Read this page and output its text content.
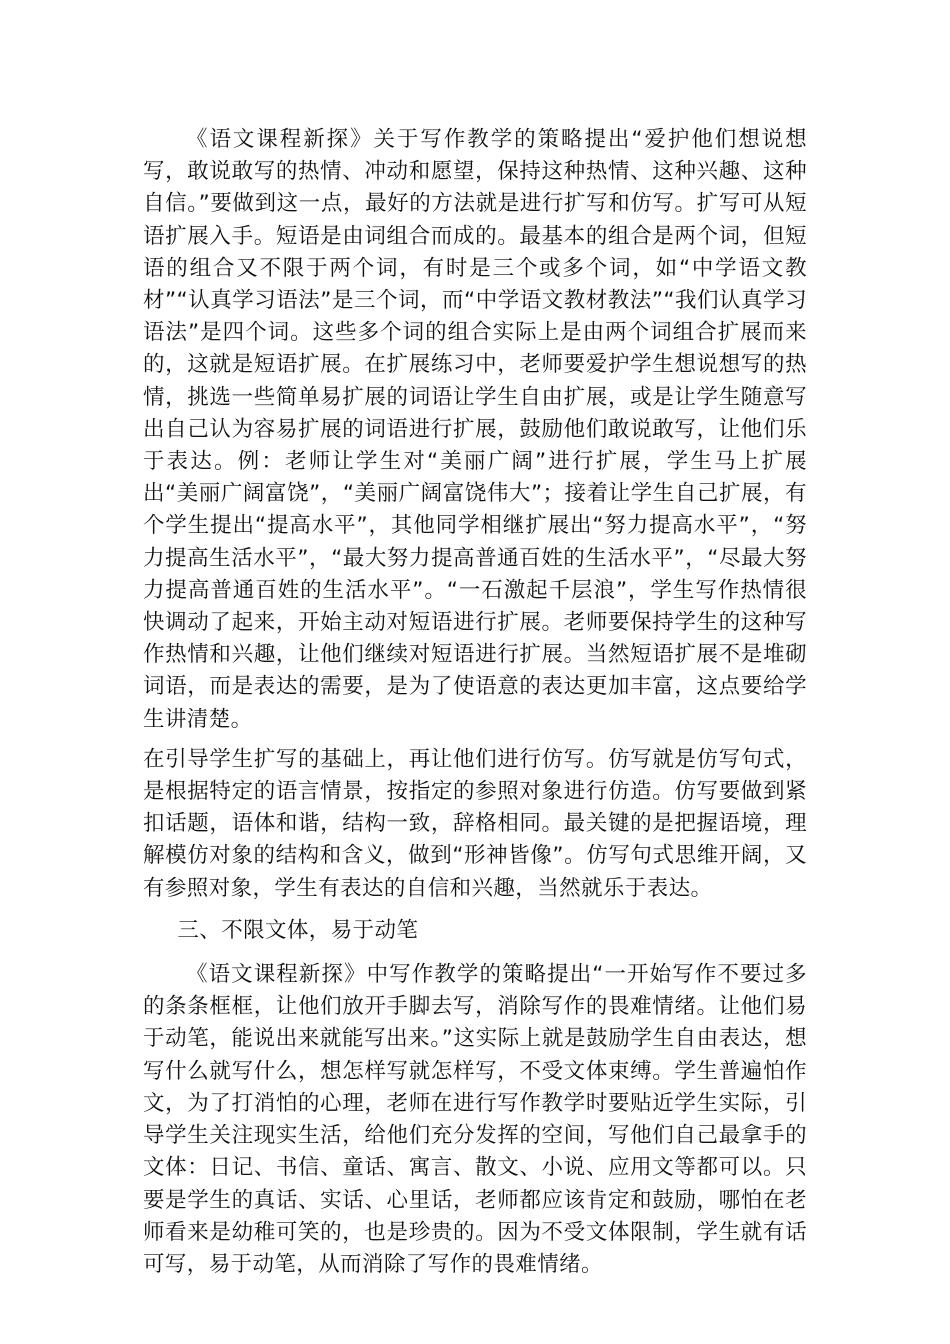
《语文课程新探》关于写作教学的策略提出“爱护他们想说想写，敢说敢写的热情、冲动和愿望，保持这种热情、这种兴趣、这种自信。”要做到这一点，最好的方法就是进行扩写和仿写。扩写可从短语扩展入手。短语是由词组合而成的。最基本的组合是两个词，但短语的组合又不限于两个词，有时是三个或多个词，如“中学语文教材”“认真学习语法”是三个词，而“中学语文教材教法”“我们认真学习语法”是四个词。这些多个词的组合实际上是由两个词组合扩展而来的，这就是短语扩展。在扩展练习中，老师要爱护学生想说想写的热情，挑选一些简单易扩展的词语让学生自由扩展，或是让学生随意写出自己认为容易扩展的词语进行扩展，鼓励他们敢说敢写，让他们乐于表达。例：老师让学生对“美丽广阔”进行扩展，学生马上扩展出“美丽广阔富饶”，“美丽广阔富饶伟大”；接着让学生自己扩展，有个学生提出“提高水平”，其他同学相继扩展出“努力提高水平”，“努力提高生活水平”，“最大努力提高普通百姓的生活水平”，“尽最大努力提高普通百姓的生活水平”。“一石激起千层浪”，学生写作热情很快调动了起来，开始主动对短语进行扩展。老师要保持学生的这种写作热情和兴趣，让他们继续对短语进行扩展。当然短语扩展不是堆砌词语，而是表达的需要，是为了使语意的表达更加丰富，这点要给学生讲清楚。

在引导学生扩写的基础上，再让他们进行仿写。仿写就是仿写句式，是根据特定的语言情景，按指定的参照对象进行仿造。仿写要做到紧扣话题，语体和谐，结构一致，辞格相同。最关键的是把握语境，理解模仿对象的结构和含义，做到“形神皆像”。仿写句式思维开阔，又有参照对象，学生有表达的自信和兴趣，当然就乐于表达。

三、不限文体，易于动笔

《语文课程新探》中写作教学的策略提出“一开始写作不要过多的条条框框，让他们放开手脚去写，消除写作的畏难情绪。让他们易于动笔，能说出来就能写出来。”这实际上就是鼓励学生自由表达，想写什么就写什么，想怎样写就怎样写，不受文体束缚。学生普遍怕作文，为了打消怕的心理，老师在进行写作教学时要贴近学生实际，引导学生关注现实生活，给他们充分发挥的空间，写他们自己最拿手的文体：日记、书信、童话、寓言、散文、小说、应用文等都可以。只要是学生的真话、实话、心里话，老师都应该肯定和鼓励，哪怕在老师看来是幼稚可笑的，也是珍贵的。因为不受文体限制，学生就有话可写，易于动笔，从而消除了写作的畏难情绪。
